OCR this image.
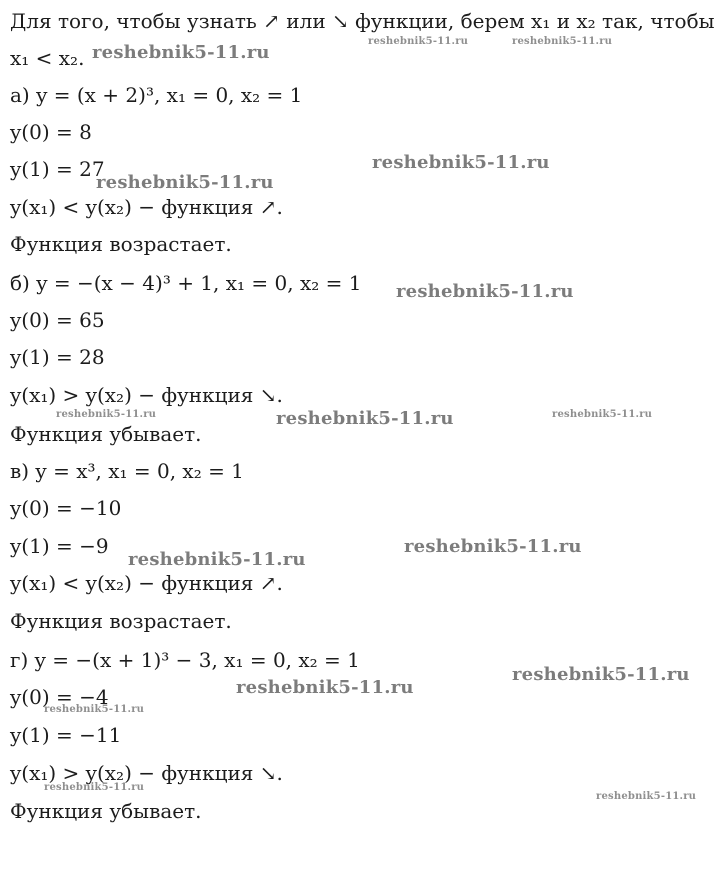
Для того, чтобы узнать ↗ или ↘ функции, берем x₁ и x₂ так, чтобы
x₁ < x₂.
а) y = (x + 2)³, x₁ = 0, x₂ = 1
y(0) = 8
y(1) = 27
y(x₁) < y(x₂) − функция ↗.
Функция возрастает.
б) y = −(x − 4)³ + 1, x₁ = 0, x₂ = 1
y(0) = 65
y(1) = 28
y(x₁) > y(x₂) − функция ↘.
Функция убывает.
в) y = x³, x₁ = 0, x₂ = 1
y(0) = −10
y(1) = −9
y(x₁) < y(x₂) − функция ↗.
Функция возрастает.
г) y = −(x + 1)³ − 3, x₁ = 0, x₂ = 1
y(0) = −4
y(1) = −11
y(x₁) > y(x₂) − функция ↘.
Функция убывает.
reshebnik5-11.ru
reshebnik5-11.ru	reshebnik5-11.ru
reshebnik5-11.ru
reshebnik5-11.ru
reshebnik5-11.ru
reshebnik5-11.ru	reshebnik5-11.ru	reshebnik5-11.ru
reshebnik5-11.ru
reshebnik5-11.ru
reshebnik5-11.ru
reshebnik5-11.ru
reshebnik5-11.ru
reshebnik5-11.ru
reshebnik5-11.ru
